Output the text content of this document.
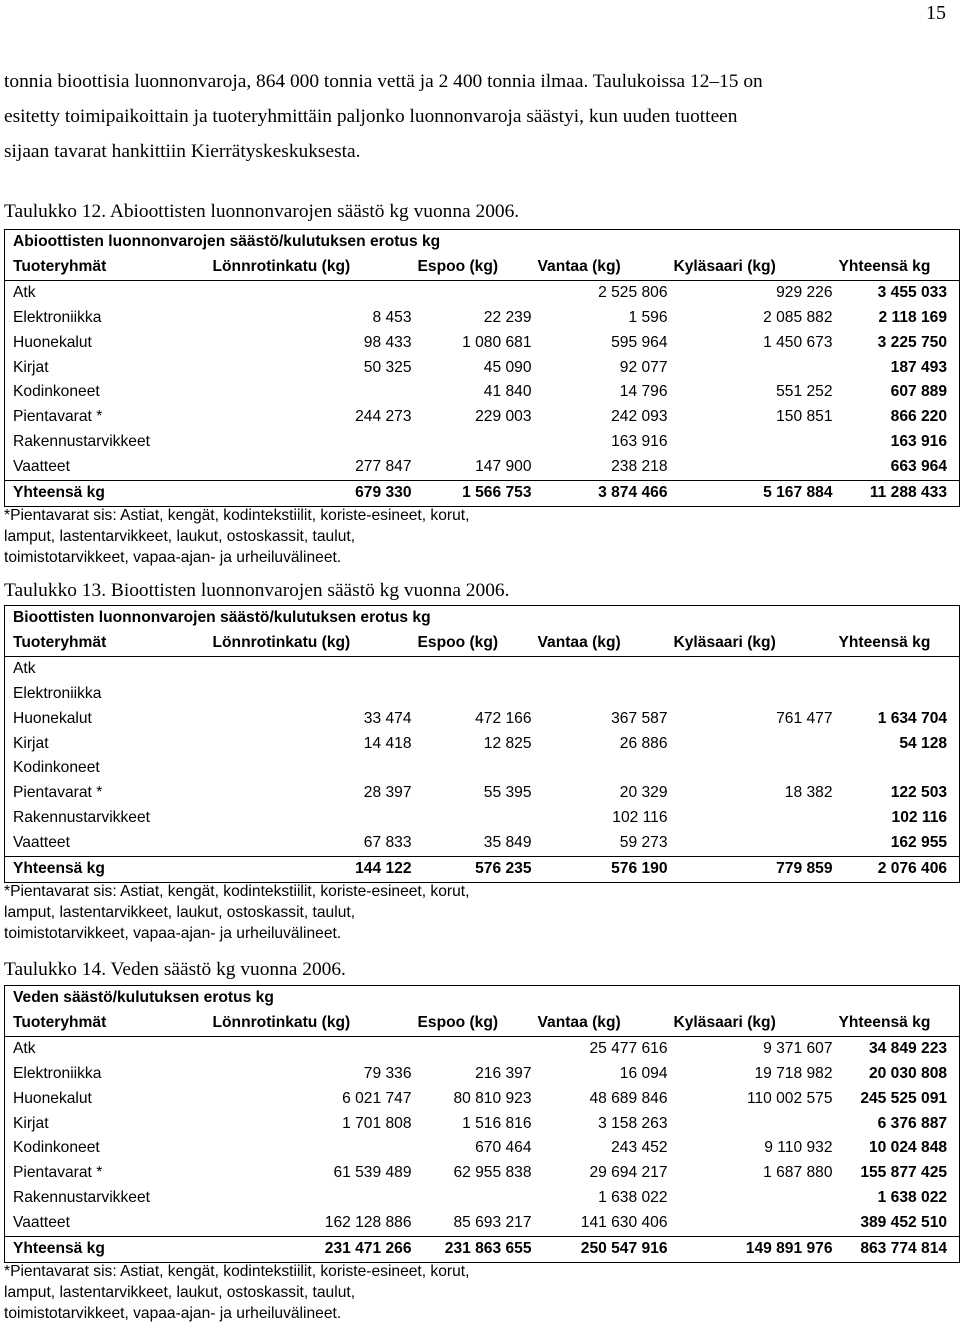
15

tonnia bioottisia luonnonvaroja, 864 000 tonnia vettä ja 2 400 tonnia ilmaa. Taulukoissa 12–15 on

esitetty toimipaikoittain ja tuoteryhmittäin paljonko luonnonvaroja säästyi, kun uuden tuotteen

sijaan tavarat hankittiin Kierrätyskeskuksesta.

Taulukko 12. Abioottisten luonnonvarojen säästö kg vuonna 2006.
Abioottisten luonnonvarojen säästö/kulutuksen erotus kg					
Tuoteryhmät	Lönnrotinkatu (kg)	Espoo (kg)	Vantaa (kg)	Kyläsaari (kg)	Yhteensä kg
Atk			2 525 806	929 226	3 455 033
Elektroniikka	8 453	22 239	1 596	2 085 882	2 118 169
Huonekalut	98 433	1 080 681	595 964	1 450 673	3 225 750
Kirjat	50 325	45 090	92 077		187 493
Kodinkoneet		41 840	14 796	551 252	607 889
Pientavarat *	244 273	229 003	242 093	150 851	866 220
Rakennustarvikkeet			163 916		163 916
Vaatteet	277 847	147 900	238 218		663 964
Yhteensä kg	679 330	1 566 753	3 874 466	5 167 884	11 288 433
*Pientavarat sis: Astiat, kengät, kodintekstiilit, koriste-esineet, korut,
lamput, lastentarvikkeet, laukut, ostoskassit, taulut,
toimistotarvikkeet, vapaa-ajan- ja urheiluvälineet.
Taulukko 13. Bioottisten luonnonvarojen säästö kg vuonna 2006.
Bioottisten luonnonvarojen säästö/kulutuksen erotus kg					
Tuoteryhmät	Lönnrotinkatu (kg)	Espoo (kg)	Vantaa (kg)	Kyläsaari (kg)	Yhteensä kg
Atk					
Elektroniikka					
Huonekalut	33 474	472 166	367 587	761 477	1 634 704
Kirjat	14 418	12 825	26 886		54 128
Kodinkoneet					
Pientavarat *	28 397	55 395	20 329	18 382	122 503
Rakennustarvikkeet			102 116		102 116
Vaatteet	67 833	35 849	59 273		162 955
Yhteensä kg	144 122	576 235	576 190	779 859	2 076 406
*Pientavarat sis: Astiat, kengät, kodintekstiilit, koriste-esineet, korut,
lamput, lastentarvikkeet, laukut, ostoskassit, taulut,
toimistotarvikkeet, vapaa-ajan- ja urheiluvälineet.
Taulukko 14. Veden säästö kg vuonna 2006.
Veden säästö/kulutuksen erotus kg					
Tuoteryhmät	Lönnrotinkatu (kg)	Espoo (kg)	Vantaa (kg)	Kyläsaari (kg)	Yhteensä kg
Atk			25 477 616	9 371 607	34 849 223
Elektroniikka	79 336	216 397	16 094	19 718 982	20 030 808
Huonekalut	6 021 747	80 810 923	48 689 846	110 002 575	245 525 091
Kirjat	1 701 808	1 516 816	3 158 263		6 376 887
Kodinkoneet		670 464	243 452	9 110 932	10 024 848
Pientavarat *	61 539 489	62 955 838	29 694 217	1 687 880	155 877 425
Rakennustarvikkeet			1 638 022		1 638 022
Vaatteet	162 128 886	85 693 217	141 630 406		389 452 510
Yhteensä kg	231 471 266	231 863 655	250 547 916	149 891 976	863 774 814
*Pientavarat sis: Astiat, kengät, kodintekstiilit, koriste-esineet, korut,
lamput, lastentarvikkeet, laukut, ostoskassit, taulut,
toimistotarvikkeet, vapaa-ajan- ja urheiluvälineet.
